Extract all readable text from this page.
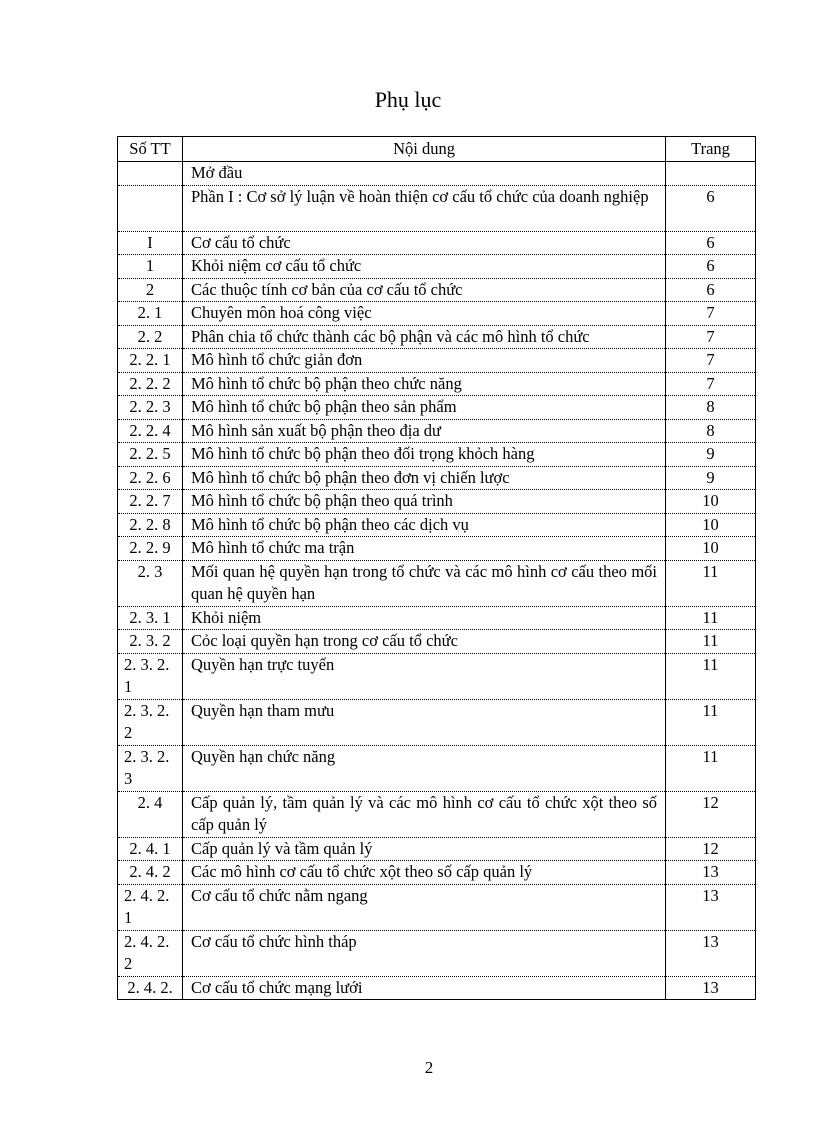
Phụ lục
Số TT	Nội dung	Trang
	Mở đầu	
	Phần I : Cơ sở lý luận về hoàn thiện cơ cấu tổ chức của doanh nghiệp	6
I	Cơ cấu tổ chức	6
1	Khỏi niệm cơ cấu tổ chức	6
2	Các thuộc tính cơ bản của cơ cấu tổ chức	6
2. 1	Chuyên môn hoá công việc	7
2. 2	Phân chia tổ chức thành các bộ phận và các mô hình tổ chức	7
2. 2. 1	Mô hình tổ chức giản đơn	7
2. 2. 2	Mô hình tổ chức bộ phận theo chức năng	7
2. 2. 3	Mô hình tổ chức bộ phận theo sản phẩm	8
2. 2. 4	Mô hình sản xuất bộ phận theo địa dư	8
2. 2. 5	Mô hình tổ chức bộ phận theo đối trọng khỏch hàng	9
2. 2. 6	Mô hình tổ chức bộ phận theo đơn vị chiến lược	9
2. 2. 7	Mô hình tổ chức bộ phận theo quá trình	10
2. 2. 8	Mô hình tổ chức bộ phận theo các dịch vụ	10
2. 2. 9	Mô hình tổ chức ma trận	10
2. 3	Mối quan hệ quyền hạn trong tổ chức và các mô hình cơ cấu theo mối quan hệ quyền hạn	11
2. 3. 1	Khỏi niệm	11
2. 3. 2	Cỏc loại quyền hạn trong cơ cấu tổ chức	11
2. 3. 2. 1	Quyền hạn trực tuyến	11
2. 3. 2. 2	Quyền hạn tham mưu	11
2. 3. 2. 3	Quyền hạn chức năng	11
2. 4	Cấp quản lý, tầm quản lý và các mô hình cơ cấu tổ chức xột theo số cấp quản lý	12
2. 4. 1	Cấp quản lý và tầm quản lý	12
2. 4. 2	Các mô hình cơ cấu tổ chức xột theo số cấp quản lý	13
2. 4. 2. 1	Cơ cấu tổ chức nằm ngang	13
2. 4. 2. 2	Cơ cấu tổ chức hình tháp	13
2. 4. 2.	Cơ cấu tổ chức mạng lưới	13
2
